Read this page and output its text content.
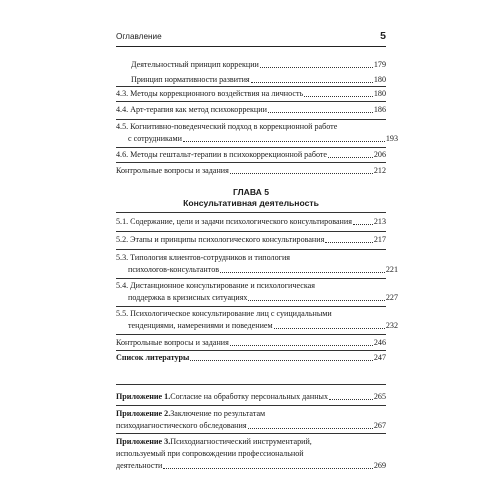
Оглавление	5
Деятельностный принцип коррекции	179
Принцип нормативности развития	180
4.3. Методы коррекционного воздействия на личность	180
4.4. Арт-терапия как метод психокоррекции	186
4.5. Когнитивно-поведенческий подход в коррекционной работе
с сотрудниками	193
4.6. Методы гештальт-терапии в психокоррекционной работе	206
Контрольные вопросы и задания	212
ГЛАВА 5
Консультативная деятельность
5.1. Содержание, цели и задачи психологического консультирования	213
5.2. Этапы и принципы психологического консультирования	217
5.3. Типология клиентов-сотрудников и типология
психологов-консультантов	221
5.4. Дистанционное консультирование и психологическая
поддержка в кризисных ситуациях	227
5.5. Психологическое консультирование лиц с суицидальными
тенденциями, намерениями и поведением	232
Контрольные вопросы и задания	246
Список литературы	247
Приложение 1. Согласие на обработку персональных данных	265
Приложение 2. Заключение по результатам
психодиагностического обследования	267
Приложение 3. Психодиагностический инструментарий,
используемый при сопровождении профессиональной
деятельности	269
